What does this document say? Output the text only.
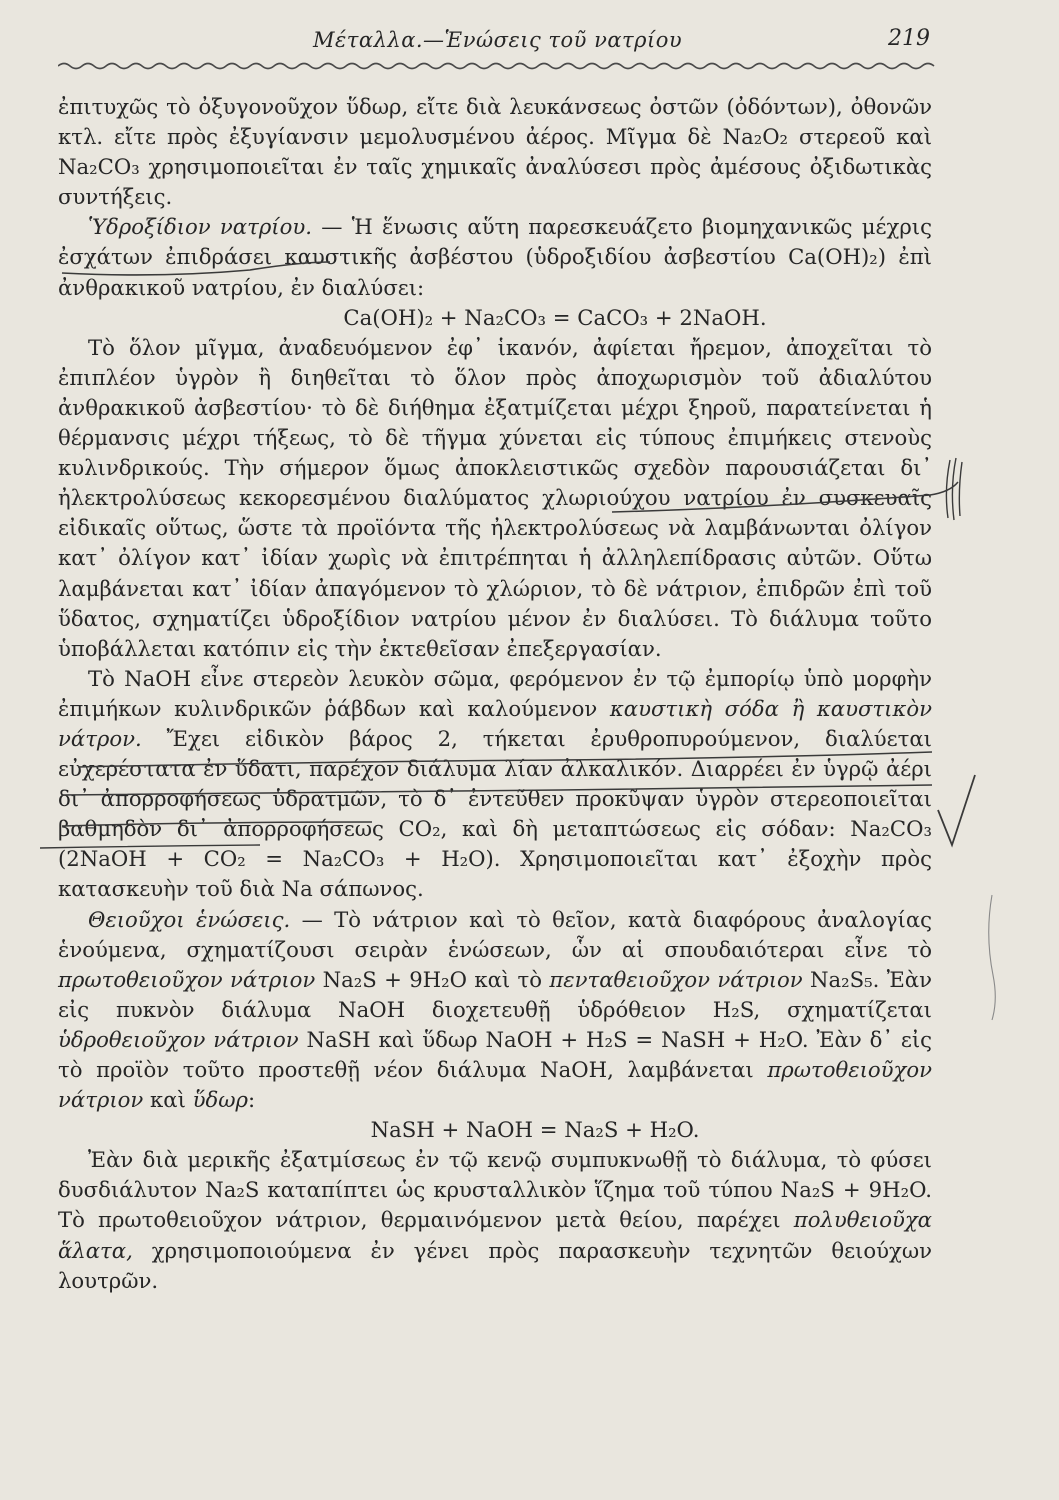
Μέταλλα.—Ἑνώσεις τοῦ νατρίου	219

ἐπιτυχῶς τὸ ὀξυγονοῦχον ὕδωρ, εἴτε διὰ λευκάνσεως ὀστῶν (ὀδόντων), ὀθονῶν κτλ. εἴτε πρὸς ἐξυγίανσιν μεμολυσμένου ἀέρος. Μῖγμα δὲ Na₂O₂ στερεοῦ καὶ Na₂CO₃ χρησιμοποιεῖται ἐν ταῖς χημικαῖς ἀναλύσεσι πρὸς ἀμέσους ὀξιδωτικὰς συντήξεις.

Ὑδροξίδιον νατρίου. — Ἡ ἕνωσις αὕτη παρεσκευάζετο βιομηχανικῶς μέχρις ἐσχάτων ἐπιδράσει καυστικῆς ἀσβέστου (ὑδροξιδίου ἀσβεστίου Ca(OH)₂) ἐπὶ ἀνθρακικοῦ νατρίου, ἐν διαλύσει:

Ca(OH)₂ + Na₂CO₃ = CaCO₃ + 2NaOH.

Τὸ ὅλον μῖγμα, ἀναδευόμενον ἐφ᾽ ἱκανόν, ἀφίεται ἤρεμον, ἀποχεῖται τὸ ἐπιπλέον ὑγρὸν ἢ διηθεῖται τὸ ὅλον πρὸς ἀποχωρισμὸν τοῦ ἀδιαλύτου ἀνθρακικοῦ ἀσβεστίου· τὸ δὲ διήθημα ἐξατμίζεται μέχρι ξηροῦ, παρατείνεται ἡ θέρμανσις μέχρι τήξεως, τὸ δὲ τῆγμα χύνεται εἰς τύπους ἐπιμήκεις στενοὺς κυλινδρικούς. Τὴν σήμερον ὅμως ἀποκλειστικῶς σχεδὸν παρουσιάζεται δι᾽ ἠλεκτρολύσεως κεκορεσμένου διαλύματος χλωριούχου νατρίου ἐν συσκευαῖς εἰδικαῖς οὕτως, ὥστε τὰ προϊόντα τῆς ἠλεκτρολύσεως νὰ λαμβάνωνται ὀλίγον κατ᾽ ὀλίγον κατ᾽ ἰδίαν χωρὶς νὰ ἐπιτρέπηται ἡ ἀλληλεπίδρασις αὐτῶν. Οὕτω λαμβάνεται κατ᾽ ἰδίαν ἀπαγόμενον τὸ χλώριον, τὸ δὲ νάτριον, ἐπιδρῶν ἐπὶ τοῦ ὕδατος, σχηματίζει ὑδροξίδιον νατρίου μένον ἐν διαλύσει. Τὸ διάλυμα τοῦτο ὑποβάλλεται κατόπιν εἰς τὴν ἐκτεθεῖσαν ἐπεξεργασίαν.

Τὸ NaOH εἶνε στερεὸν λευκὸν σῶμα, φερόμενον ἐν τῷ ἐμπορίῳ ὑπὸ μορφὴν ἐπιμήκων κυλινδρικῶν ῥάβδων καὶ καλούμενον καυστικὴ σόδα ἢ καυστικὸν νάτρον. Ἔχει εἰδικὸν βάρος 2, τήκεται ἐρυθροπυρούμενον, διαλύεται εὐχερέστατα ἐν ὕδατι, παρέχον διάλυμα λίαν ἀλκαλικόν. Διαρρέει ἐν ὑγρῷ ἀέρι δι᾽ ἀπορροφήσεως ὑδρατμῶν, τὸ δ᾽ ἐντεῦθεν προκῦψαν ὑγρὸν στερεοποιεῖται βαθμηδὸν δι᾽ ἀπορροφήσεως CO₂, καὶ δὴ μεταπτώσεως εἰς σόδαν: Na₂CO₃ (2NaOH + CO₂ = Na₂CO₃ + H₂O). Χρησιμοποιεῖται κατ᾽ ἐξοχὴν πρὸς κατασκευὴν τοῦ διὰ Na σάπωνος.

Θειοῦχοι ἑνώσεις. — Τὸ νάτριον καὶ τὸ θεῖον, κατὰ διαφόρους ἀναλογίας ἑνούμενα, σχηματίζουσι σειρὰν ἑνώσεων, ὧν αἱ σπουδαιότεραι εἶνε τὸ πρωτοθειοῦχον νάτριον Na₂S + 9H₂O καὶ τὸ πενταθειοῦχον νάτριον Na₂S₅. Ἐὰν εἰς πυκνὸν διάλυμα NaOH διοχετευθῇ ὑδρόθειον H₂S, σχηματίζεται ὑδροθειοῦχον νάτριον NaSH καὶ ὕδωρ NaOH + H₂S = NaSH + H₂O. Ἐὰν δ᾽ εἰς τὸ προϊὸν τοῦτο προστεθῇ νέον διάλυμα NaOH, λαμβάνεται πρωτοθειοῦχον νάτριον καὶ ὕδωρ:

NaSH + NaOH = Na₂S + H₂O.

Ἐὰν διὰ μερικῆς ἐξατμίσεως ἐν τῷ κενῷ συμπυκνωθῇ τὸ διάλυμα, τὸ φύσει δυσδιάλυτον Na₂S καταπίπτει ὡς κρυσταλλικὸν ἵζημα τοῦ τύπου Na₂S + 9H₂O. Τὸ πρωτοθειοῦχον νάτριον, θερμαινόμενον μετὰ θείου, παρέχει πολυθειοῦχα ἅλατα, χρησιμοποιούμενα ἐν γένει πρὸς παρασκευὴν τεχνητῶν θειούχων λουτρῶν.
